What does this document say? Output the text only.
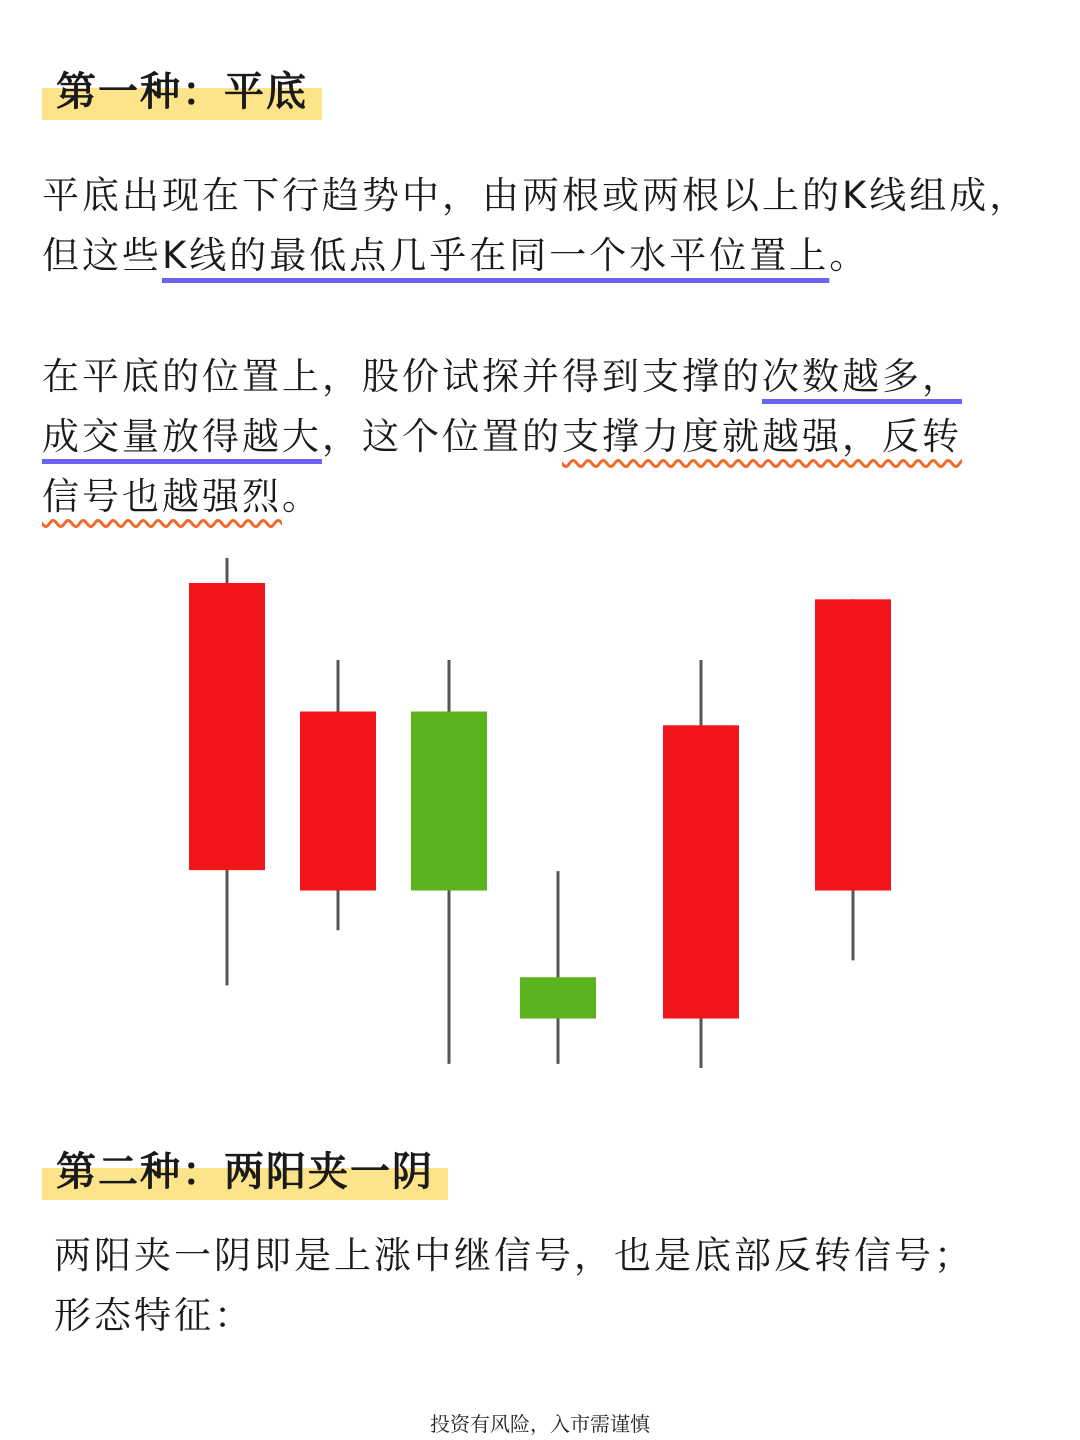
第一种：平底
平底出现在下行趋势中，由两根或两根以上的K线组成，但这些K线的最低点几乎在同一个水平位置上。
在平底的位置上，股价试探并得到支撑的次数越多，成交量放得越大，这个位置的支撑力度就越强，反转信号也越强烈。
第二种：两阳夹一阴
两阳夹一阴即是上涨中继信号，也是底部反转信号；
形态特征：
投资有风险，入市需谨慎
